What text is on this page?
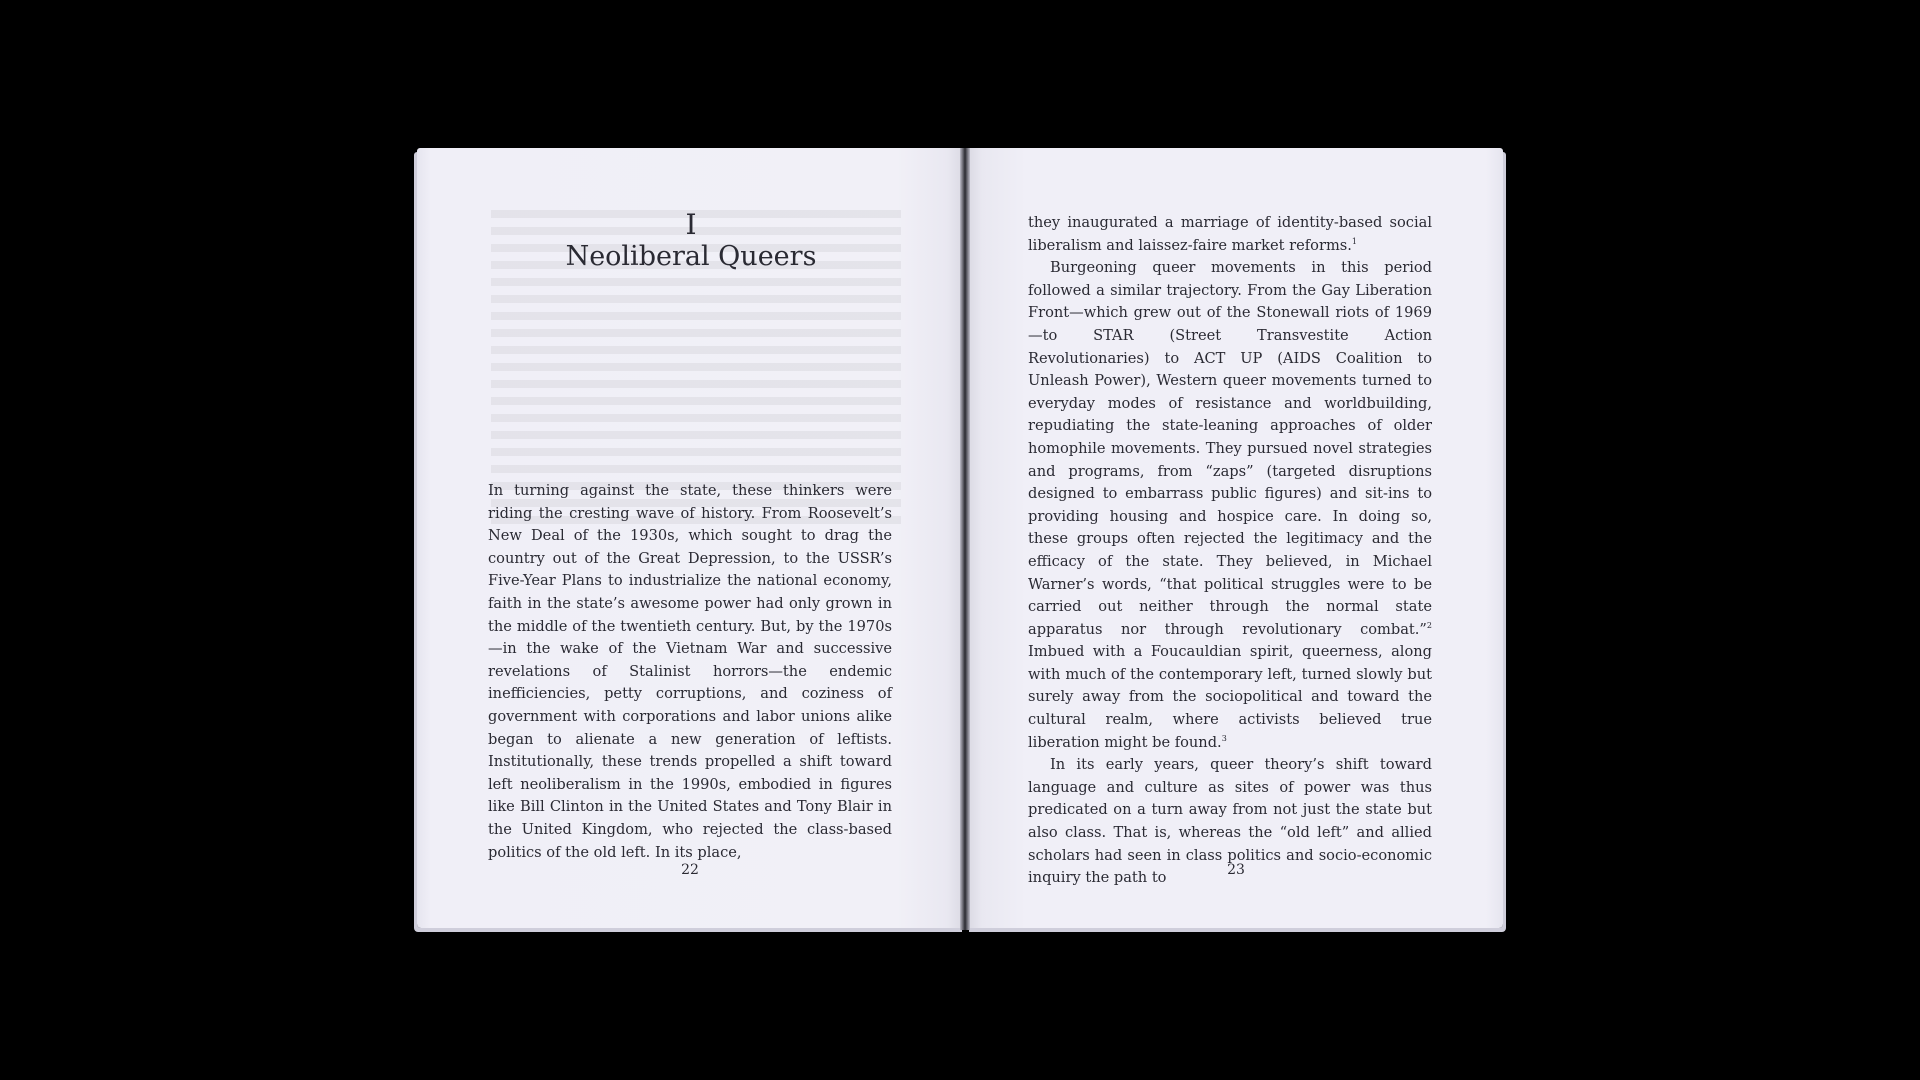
I
Neoliberal Queers

In turning against the state, these thinkers were riding the cresting wave of history. From Roosevelt’s New Deal of the 1930s, which sought to drag the country out of the Great Depression, to the USSR’s Five-Year Plans to industrialize the national economy, faith in the state’s awesome power had only grown in the middle of the twentieth century. But, by the 1970s—in the wake of the Vietnam War and successive revelations of Stalinist horrors—the endemic inefficiencies, petty corruptions, and coziness of government with corporations and labor unions alike began to alienate a new generation of leftists. Institutionally, these trends propelled a shift toward left neoliberalism in the 1990s, embodied in figures like Bill Clinton in the United States and Tony Blair in the United Kingdom, who rejected the class-based politics of the old left. In its place,

22

they inaugurated a marriage of identity-based social liberalism and laissez-faire market reforms.$^1$

Burgeoning queer movements in this period followed a similar trajectory. From the Gay Liberation Front—which grew out of the Stonewall riots of 1969—to STAR (Street Transvestite Action Revolutionaries) to ACT UP (AIDS Coalition to Unleash Power), Western queer movements turned to everyday modes of resistance and worldbuilding, repudiating the state-leaning approaches of older homophile movements. They pursued novel strategies and programs, from “zaps” (targeted disruptions designed to embarrass public figures) and sit-ins to providing housing and hospice care. In doing so, these groups often rejected the legitimacy and the efficacy of the state. They believed, in Michael Warner’s words, “that political struggles were to be carried out neither through the normal state apparatus nor through revolutionary combat.”$^2$ Imbued with a Foucauldian spirit, queerness, along with much of the contemporary left, turned slowly but surely away from the sociopolitical and toward the cultural realm, where activists believed true liberation might be found.$^3$

In its early years, queer theory’s shift toward language and culture as sites of power was thus predicated on a turn away from not just the state but also class. That is, whereas the “old left” and allied scholars had seen in class politics and socio-economic inquiry the path to	23
